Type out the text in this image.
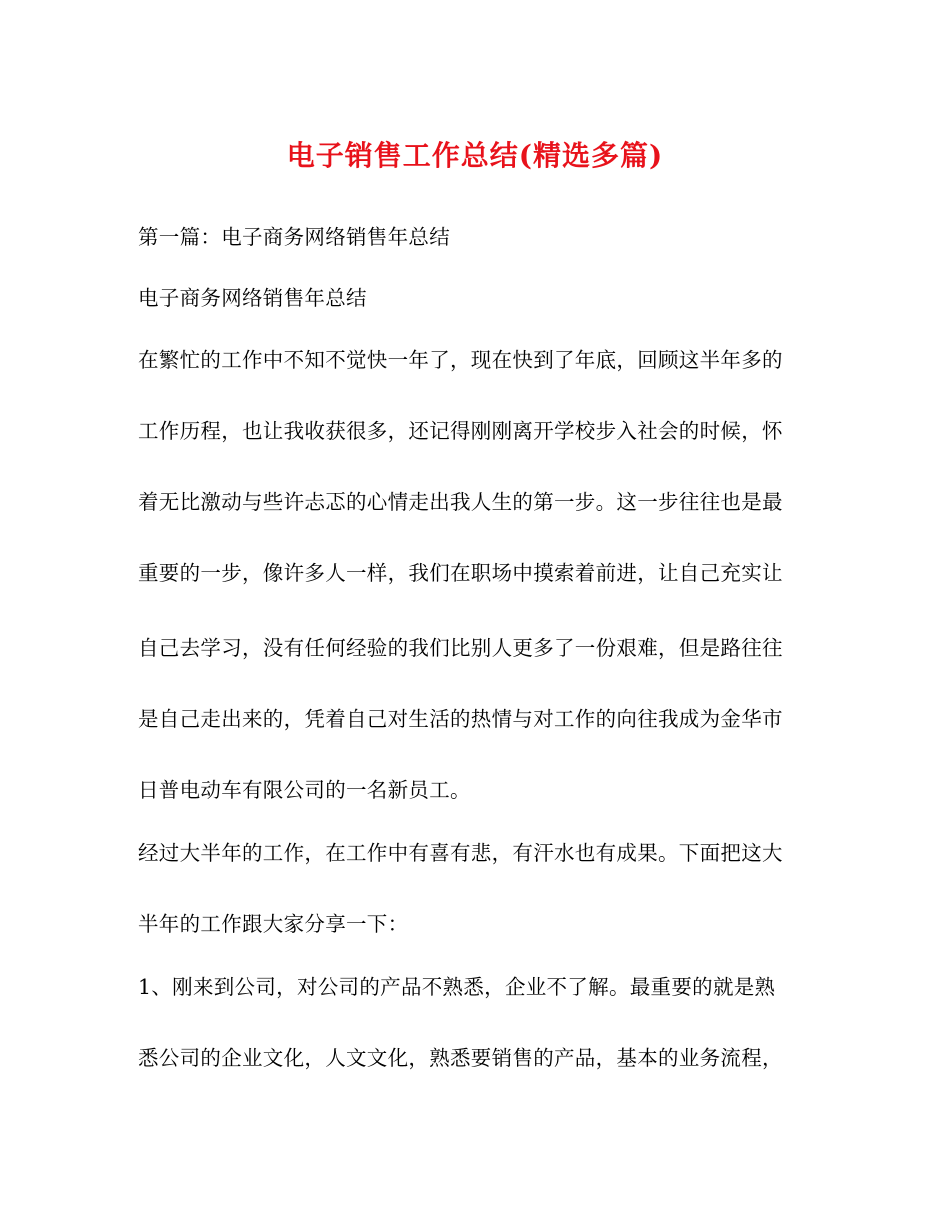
电子销售工作总结(精选多篇)
第一篇：电子商务网络销售年总结
电子商务网络销售年总结
在繁忙的工作中不知不觉快一年了，现在快到了年底，回顾这半年多的
工作历程，也让我收获很多，还记得刚刚离开学校步入社会的时候，怀
着无比激动与些许忐忑的心情走出我人生的第一步。这一步往往也是最
重要的一步，像许多人一样，我们在职场中摸索着前进，让自己充实让
自己去学习，没有任何经验的我们比别人更多了一份艰难，但是路往往
是自己走出来的，凭着自己对生活的热情与对工作的向往我成为金华市
日普电动车有限公司的一名新员工。
经过大半年的工作，在工作中有喜有悲，有汗水也有成果。下面把这大
半年的工作跟大家分享一下：
1、刚来到公司，对公司的产品不熟悉，企业不了解。最重要的就是熟
悉公司的企业文化，人文文化，熟悉要销售的产品，基本的业务流程，
